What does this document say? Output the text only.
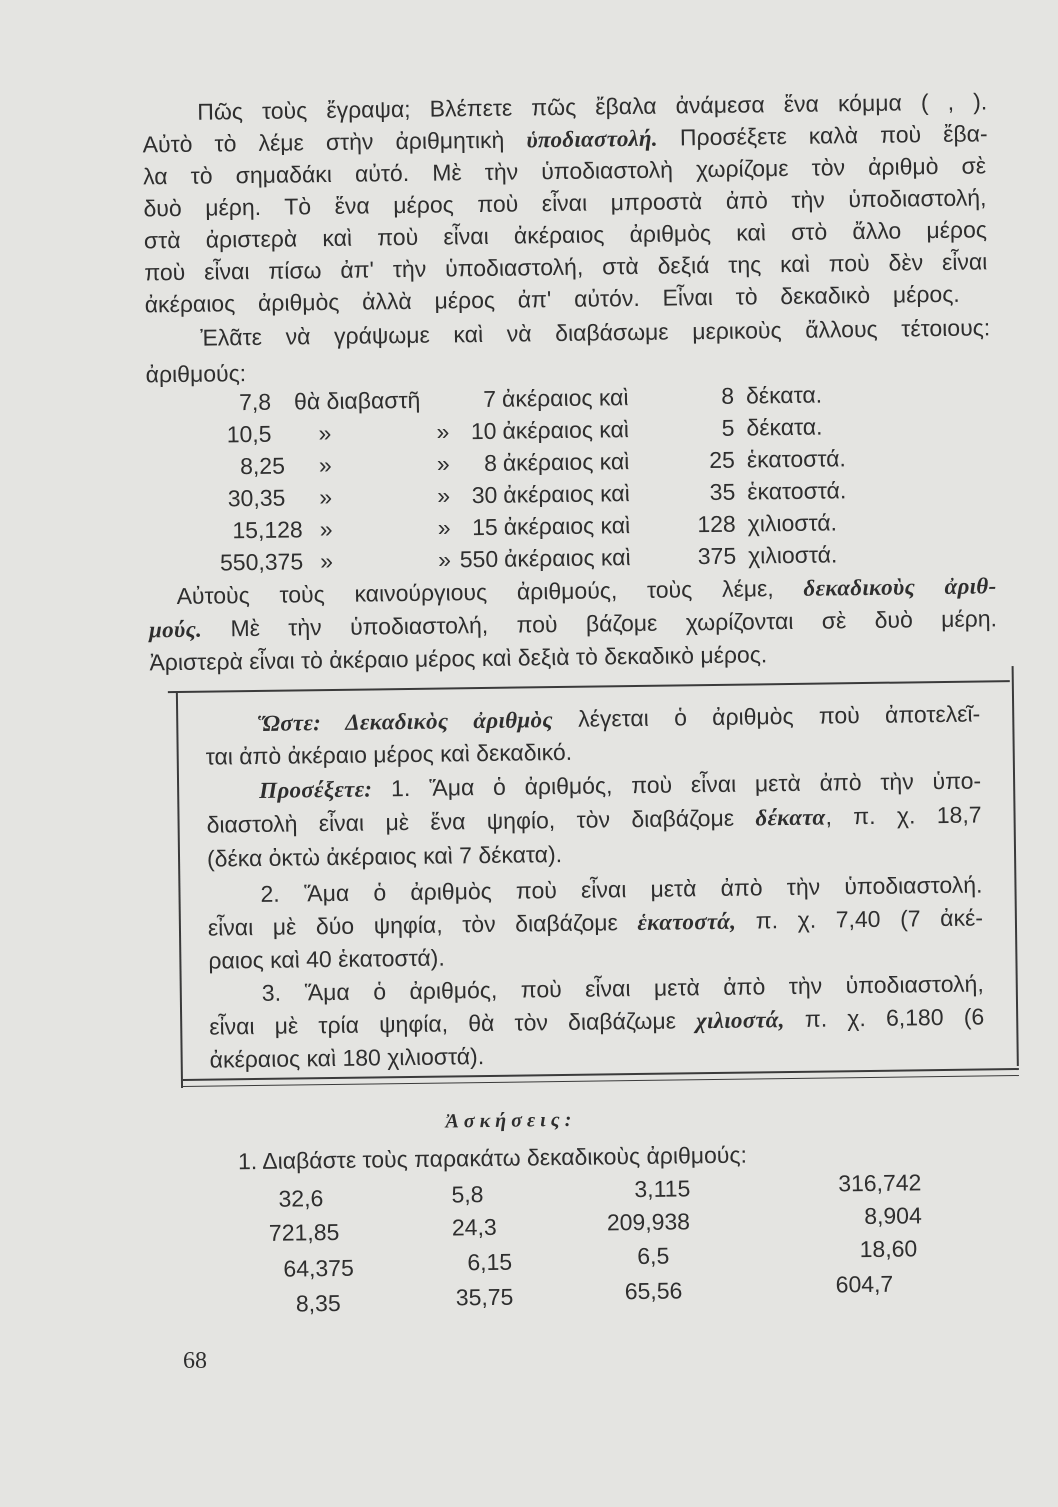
Πῶς τοὺς ἔγραψα; Βλέπετε πῶς ἔβαλα ἀνάμεσα ἕνα κόμμα ( , ).
Αὐτὸ τὸ λέμε στὴν ἀριθμητικὴ ὑποδιαστολή. Προσέξετε καλὰ ποὺ ἔβα-
λα τὸ σημαδάκι αὐτό. Μὲ τὴν ὑποδιαστολὴ χωρίζομε τὸν ἀριθμὸ σὲ
δυὸ μέρη. Τὸ ἕνα μέρος ποὺ εἶναι μπροστὰ ἀπὸ τὴν ὑποδιαστολή,
στὰ ἀριστερὰ καὶ ποὺ εἶναι ἀκέραιος ἀριθμὸς καὶ στὸ ἄλλο μέρος
ποὺ εἶναι πίσω ἀπ' τὴν ὑποδιαστολή, στὰ δεξιά της καὶ ποὺ δὲν εἶναι
ἀκέραιος ἀριθμὸς ἀλλὰ μέρος ἀπ' αὐτόν. Εἶναι τὸ δεκαδικὸ μέρος.
Ἐλᾶτε νὰ γράψωμε καὶ νὰ διαβάσωμε μερικοὺς ἄλλους τέτοιους:
ἀριθμούς:
7,8 θὰ διαβαστῆ	7 ἀκέραιος καὶ	8 δέκατα.
10,5 »	» 10 ἀκέραιος καὶ	5 δέκατα.
8,25 »	»	8 ἀκέραιος καὶ	25 ἑκατοστά.
30,35 »	» 30 ἀκέραιος καὶ	35 ἑκατοστά.
15,128 »	» 15 ἀκέραιος καὶ	128 χιλιοστά.
550,375 »	» 550 ἀκέραιος καὶ	375 χιλιοστά.
Αὐτοὺς τοὺς καινούργιους ἀριθμούς, τοὺς λέμε, δεκαδικοὺς ἀριθ-
μούς. Μὲ τὴν ὑποδιαστολή, ποὺ βάζομε χωρίζονται σὲ δυὸ μέρη.
Ἀριστερὰ εἶναι τὸ ἀκέραιο μέρος καὶ δεξιὰ τὸ δεκαδικὸ μέρος.
Ὥστε: Δεκαδικὸς ἀριθμὸς λέγεται ὁ ἀριθμὸς ποὺ ἀποτελεῖ-
ται ἀπὸ ἀκέραιο μέρος καὶ δεκαδικό.
Προσέξετε: 1. Ἅμα ὁ ἀριθμός, ποὺ εἶναι μετὰ ἀπὸ τὴν ὑπο-
διαστολὴ εἶναι μὲ ἕνα ψηφίο, τὸν διαβάζομε δέκατα, π. χ. 18,7
(δέκα ὀκτὼ ἀκέραιος καὶ 7 δέκατα).
2. Ἅμα ὁ ἀριθμὸς ποὺ εἶναι μετὰ ἀπὸ τὴν ὑποδιαστολή.
εἶναι μὲ δύο ψηφία, τὸν διαβάζομε ἑκατοστά, π. χ. 7,40 (7 ἀκέ-
ραιος καὶ 40 ἑκατοστά).
3. Ἅμα ὁ ἀριθμός, ποὺ εἶναι μετὰ ἀπὸ τὴν ὑποδιαστολή,
εἶναι μὲ τρία ψηφία, θὰ τὸν διαβάζωμε χιλιοστά, π. χ. 6,180 (6
ἀκέραιος καὶ 180 χιλιοστά).
Ἀσκήσεις:
1. Διαβάστε τοὺς παρακάτω δεκαδικοὺς ἀριθμούς:
32,6	5,8	3,115	316,742
721,85	24,3	209,938	8,904
64,375	6,15	6,5	18,60
8,35	35,75	65,56	604,7
68
